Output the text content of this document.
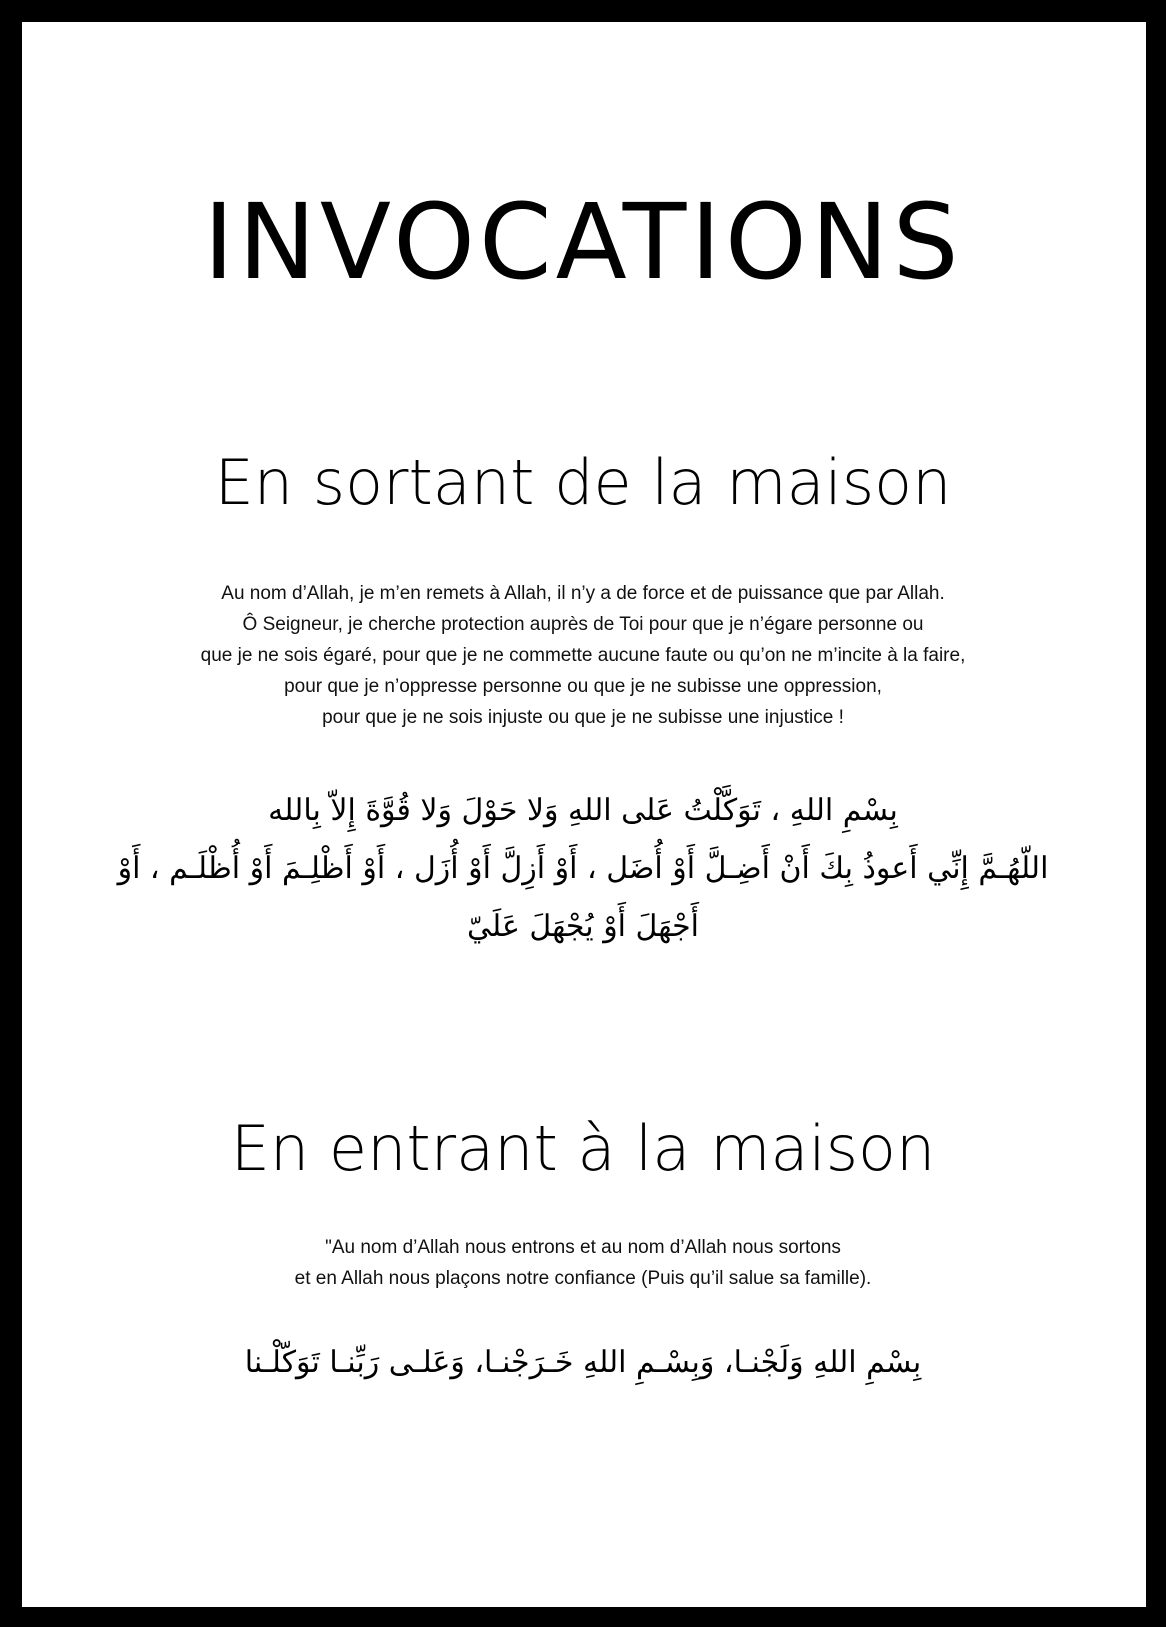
INVOCATIONS
En sortant de la maison
Au nom d’Allah, je m’en remets à Allah, il n’y a de force et de puissance que par Allah.
Ô Seigneur, je cherche protection auprès de Toi pour que je n’égare personne ou
que je ne sois égaré, pour que je ne commette aucune faute ou qu’on ne m’incite à la faire,
pour que je n’oppresse personne ou que je ne subisse une oppression,
pour que je ne sois injuste ou que je ne subisse une injustice !
بِسْمِ اللهِ ، تَوَكَّلْتُ عَلى اللهِ وَلا حَوْلَ وَلا قُوَّةَ إِلاّ بِالله
اللّهُـمَّ إِنِّي أَعوذُ بِكَ أَنْ أَضِـلَّ أَوْ أُضَل ، أَوْ أَزِلَّ أَوْ أُزَل ، أَوْ أَظْلِـمَ أَوْ أُظْلَـم ، أَوْ
أَجْهَلَ أَوْ يُجْهَلَ عَلَيّ
En entrant à la maison
"Au nom d’Allah nous entrons et au nom d’Allah nous sortons
et en Allah nous plaçons notre confiance (Puis qu’il salue sa famille).
بِسْمِ اللهِ وَلَجْنـا، وَبِسْـمِ اللهِ خَـرَجْنـا، وَعَلـى رَبِّنـا تَوَكّلْـنا
